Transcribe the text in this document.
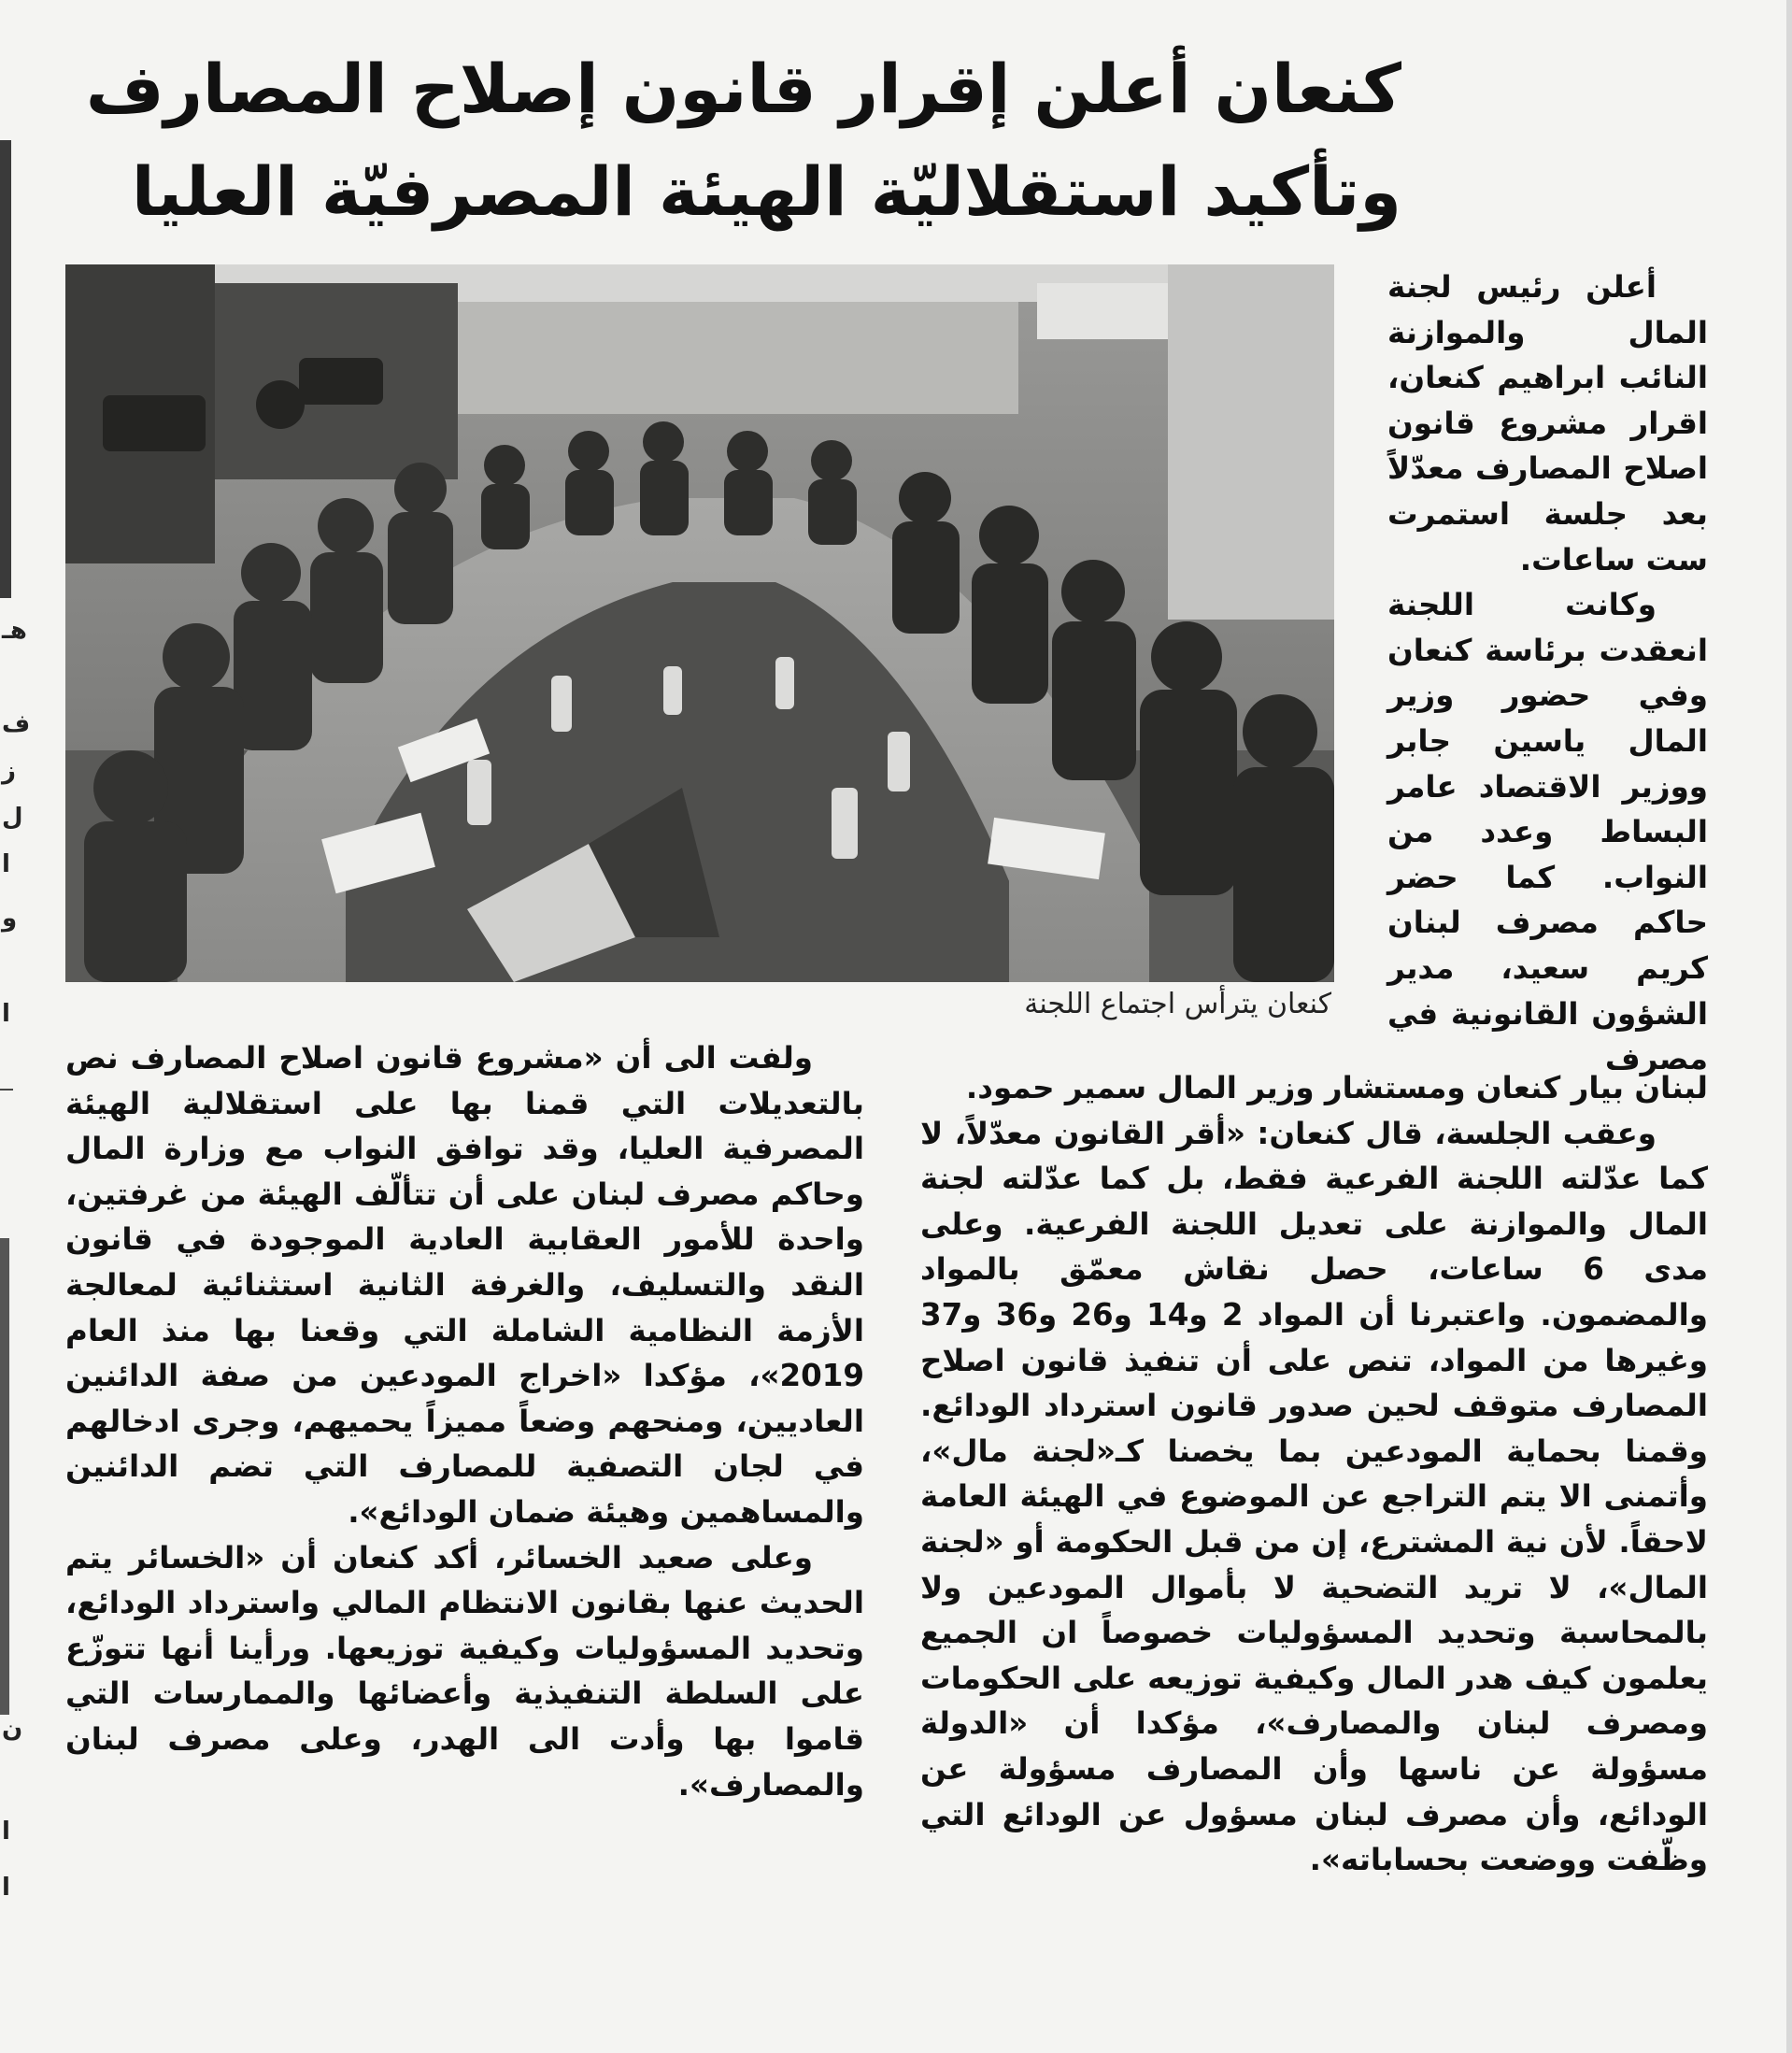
هـ
ف
ز
ل
ا
و
ا
ن
ا
ا
كنعان أعلن إقرار قانون إصلاح المصارف
وتأكيد استقلاليّة الهيئة المصرفيّة العليا
كنعان يترأس اجتماع اللجنة

أعلن رئيس لجنة المال والموازنة النائب ابراهيم كنعان، اقرار مشروع قانون اصلاح المصارف معدّلاً بعد جلسة استمرت ست ساعات.

وكانت اللجنة انعقدت برئاسة كنعان وفي حضور وزير المال ياسين جابر ووزير الاقتصاد عامر البساط وعدد من النواب. كما حضر حاكم مصرف لبنان كريم سعيد، مدير الشؤون القانونية في مصرف

لبنان بيار كنعان ومستشار وزير المال سمير حمود.

وعقب الجلسة، قال كنعان: «أقر القانون معدّلاً، لا كما عدّلته اللجنة الفرعية فقط، بل كما عدّلته لجنة المال والموازنة على تعديل اللجنة الفرعية. وعلى مدى 6 ساعات، حصل نقاش معمّق بالمواد والمضمون. واعتبرنا أن المواد 2 و14 و26 و36 و37 وغيرها من المواد، تنص على أن تنفيذ قانون اصلاح المصارف متوقف لحين صدور قانون استرداد الودائع. وقمنا بحماية المودعين بما يخصنا كـ«لجنة مال»، وأتمنى الا يتم التراجع عن الموضوع في الهيئة العامة لاحقاً. لأن نية المشترع، إن من قبل الحكومة أو «لجنة المال»، لا تريد التضحية لا بأموال المودعين ولا بالمحاسبة وتحديد المسؤوليات خصوصاً ان الجميع يعلمون كيف هدر المال وكيفية توزيعه على الحكومات ومصرف لبنان والمصارف»، مؤكدا أن «الدولة مسؤولة عن ناسها وأن المصارف مسؤولة عن الودائع، وأن مصرف لبنان مسؤول عن الودائع التي وظّفت ووضعت بحساباته».

ولفت الى أن «مشروع قانون اصلاح المصارف نص بالتعديلات التي قمنا بها على استقلالية الهيئة المصرفية العليا، وقد توافق النواب مع وزارة المال وحاكم مصرف لبنان على أن تتألّف الهيئة من غرفتين، واحدة للأمور العقابية العادية الموجودة في قانون النقد والتسليف، والغرفة الثانية استثنائية لمعالجة الأزمة النظامية الشاملة التي وقعنا بها منذ العام 2019»، مؤكدا «اخراج المودعين من صفة الدائنين العاديين، ومنحهم وضعاً مميزاً يحميهم، وجرى ادخالهم في لجان التصفية للمصارف التي تضم الدائنين والمساهمين وهيئة ضمان الودائع».

وعلى صعيد الخسائر، أكد كنعان أن «الخسائر يتم الحديث عنها بقانون الانتظام المالي واسترداد الودائع، وتحديد المسؤوليات وكيفية توزيعها. ورأينا أنها تتوزّع على السلطة التنفيذية وأعضائها والممارسات التي قاموا بها وأدت الى الهدر، وعلى مصرف لبنان والمصارف».
